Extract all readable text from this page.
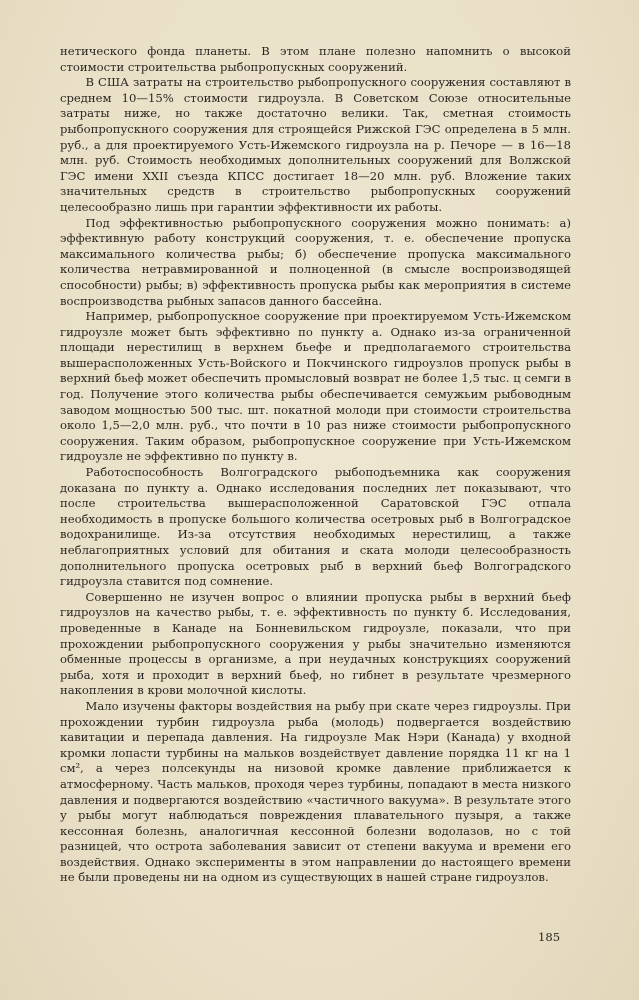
нетического фонда планеты. В этом плане полезно напомнить о высокой стоимости строительства рыбопропускных сооружений.

В США затраты на строительство рыбопропускного сооружения составляют в среднем 10—15% стоимости гидроузла. В Советском Союзе относительные затраты ниже, но также достаточно велики. Так, сметная стоимость рыбопропускного сооружения для строящейся Рижской ГЭС определена в 5 млн. руб., а для проектируемого Усть-Ижемского гидроузла на р. Печоре — в 16—18 млн. руб. Стоимость необходимых дополнительных сооружений для Волжской ГЭС имени XXII съезда КПСС достигает 18—20 млн. руб. Вложение таких значительных средств в строительство рыбопропускных сооружений целесообразно лишь при гарантии эффективности их работы.

Под эффективностью рыбопропускного сооружения можно понимать: а) эффективную работу конструкций сооружения, т. е. обеспечение пропуска максимального количества рыбы; б) обеспечение пропуска максимального количества нетравмированной и полноценной (в смысле воспроизводящей способности) рыбы; в) эффективность пропуска рыбы как мероприятия в системе воспроизводства рыбных запасов данного бассейна.

Например, рыбопропускное сооружение при проектируемом Усть-Ижемском гидроузле может быть эффективно по пункту а. Однако из-за ограниченной площади нерестилищ в верхнем бьефе и предполагаемого строительства вышерасположенных Усть-Войского и Покчинского гидроузлов пропуск рыбы в верхний бьеф может обеспечить промысловый возврат не более 1,5 тыс. ц семги в год. Получение этого количества рыбы обеспечивается семужьим рыбоводным заводом мощностью 500 тыс. шт. покатной молоди при стоимости строительства около 1,5—2,0 млн. руб., что почти в 10 раз ниже стоимости рыбопропускного сооружения. Таким образом, рыбопропускное сооружение при Усть-Ижемском гидроузле не эффективно по пункту в.

Работоспособность Волгоградского рыбоподъемника как сооружения доказана по пункту а. Однако исследования последних лет показывают, что после строительства вышерасположенной Саратовской ГЭС отпала необходимость в пропуске большого количества осетровых рыб в Волгоградское водохранилище. Из-за отсутствия необходимых нерестилищ, а также неблагоприятных условий для обитания и ската молоди целесообразность дополнительного пропуска осетровых рыб в верхний бьеф Волгоградского гидроузла ставится под сомнение.

Совершенно не изучен вопрос о влиянии пропуска рыбы в верхний бьеф гидроузлов на качество рыбы, т. е. эффективность по пункту б. Исследования, проведенные в Канаде на Бонневильском гидроузле, показали, что при прохождении рыбопропускного сооружения у рыбы значительно изменяются обменные процессы в организме, а при неудачных конструкциях сооружений рыба, хотя и проходит в верхний бьеф, но гибнет в результате чрезмерного накопления в крови молочной кислоты.

Мало изучены факторы воздействия на рыбу при скате через гидроузлы. При прохождении турбин гидроузла рыба (молодь) подвергается воздействию кавитации и перепада давления. На гидроузле Мак Нэри (Канада) у входной кромки лопасти турбины на мальков воздействует давление порядка 11 кг на 1 см², а через полсекунды на низовой кромке давление приближается к атмосферному. Часть мальков, проходя через турбины, попадают в места низкого давления и подвергаются воздействию «частичного вакуума». В результате этого у рыбы могут наблюдаться повреждения плавательного пузыря, а также кессонная болезнь, аналогичная кессонной болезни водолазов, но с той разницей, что острота заболевания зависит от степени вакуума и времени его воздействия. Однако эксперименты в этом направлении до настоящего времени не были проведены ни на одном из существующих в нашей стране гидроузлов.

185
